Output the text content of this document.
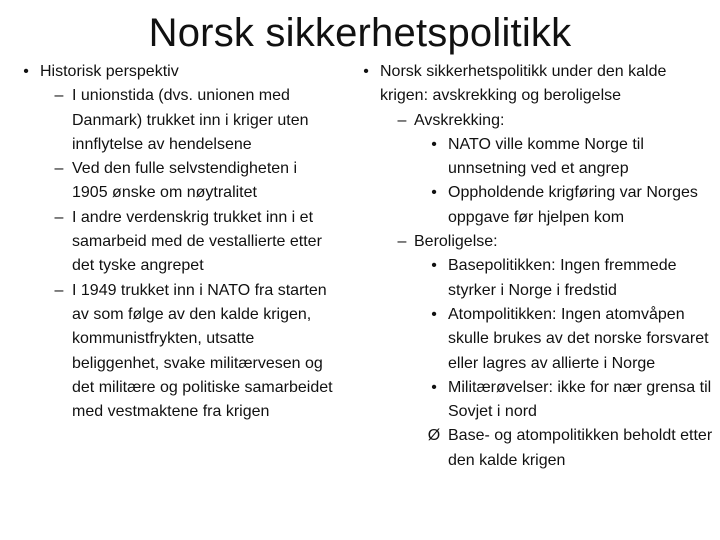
Norsk sikkerhetspolitikk
• Historisk perspektiv
– I unionstida (dvs. unionen med Danmark) trukket inn i kriger uten innflytelse av hendelsene
– Ved den fulle selvstendigheten i 1905 ønske om nøytralitet
– I andre verdenskrig trukket inn i et samarbeid med de vestallierte etter det tyske angrepet
– I 1949 trukket inn i NATO fra starten av som følge av den kalde krigen, kommunistfrykten, utsatte beliggenhet, svake militærvesen og det militære og politiske samarbeidet med vestmaktene fra krigen
• Norsk sikkerhetspolitikk under den kalde krigen: avskrekking og beroligelse
– Avskrekking:
• NATO ville komme Norge til unnsetning ved et angrep
• Oppholdende krigføring var Norges oppgave før hjelpen kom
– Beroligelse:
• Basepolitikken: Ingen fremmede styrker i Norge i fredstid
• Atompolitikken: Ingen atomvåpen skulle brukes av det norske forsvaret eller lagres av allierte i Norge
• Militærøvelser: ikke for nær grensa til Sovjet i nord
Ø Base- og atompolitikken beholdt etter den kalde krigen
